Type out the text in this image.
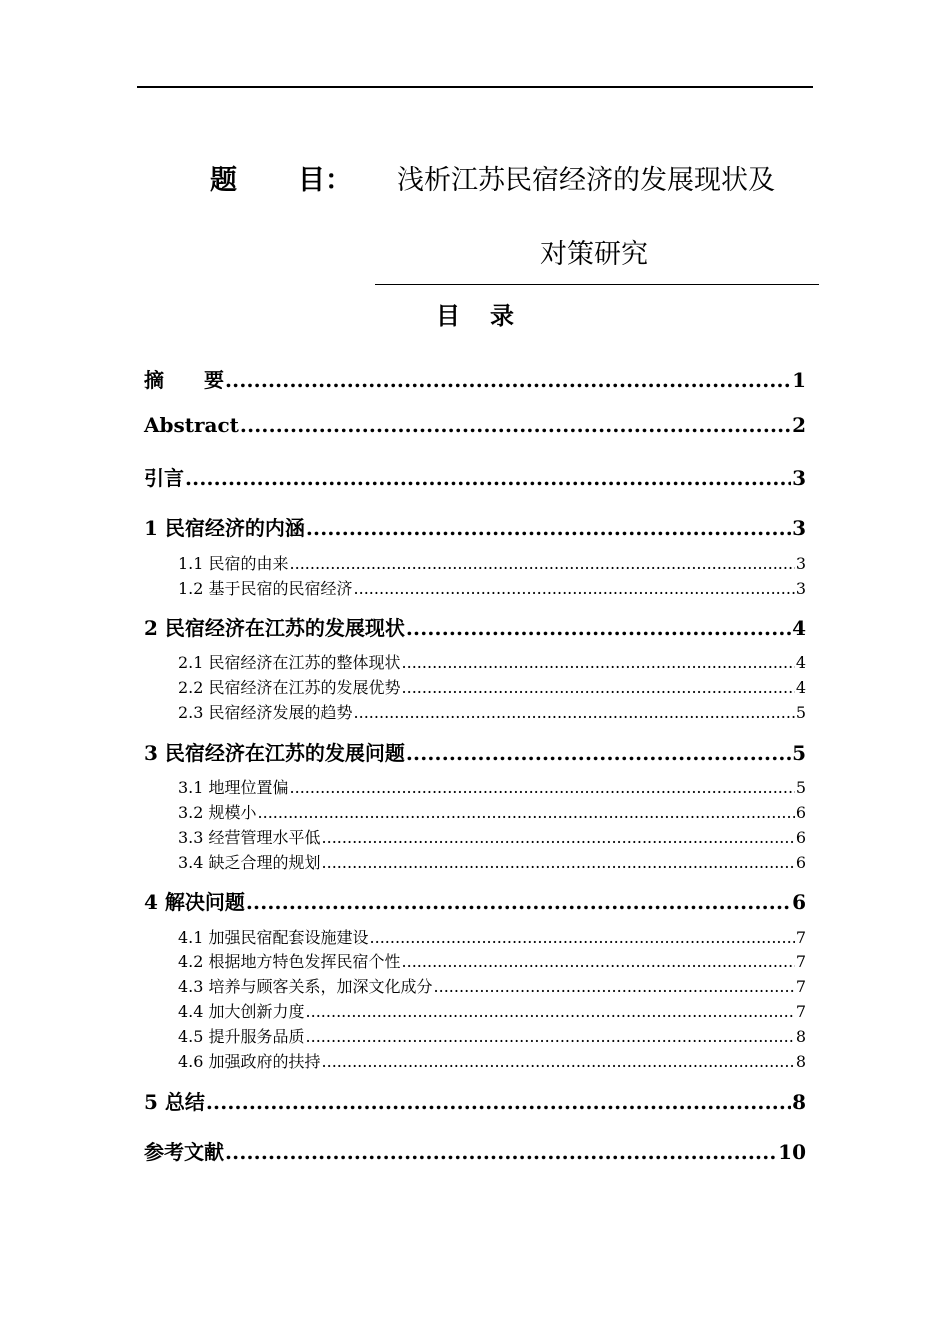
题 目： 浅析江苏民宿经济的发展现状及
对策研究
目录
摘　　要 .....	1
Abstract .....	2
引言 .....	3
1 民宿经济的内涵 .....	3
1.1 民宿的由来 .....	3
1.2 基于民宿的民宿经济 .....	3
2 民宿经济在江苏的发展现状 .....	4
2.1 民宿经济在江苏的整体现状 .....	4
2.2 民宿经济在江苏的发展优势 .....	4
2.3 民宿经济发展的趋势 .....	5
3 民宿经济在江苏的发展问题 .....	5
3.1 地理位置偏 .....	5
3.2 规模小 .....	6
3.3 经营管理水平低 .....	6
3.4 缺乏合理的规划 .....	6
4 解决问题 .....	6
4.1 加强民宿配套设施建设 .....	7
4.2 根据地方特色发挥民宿个性 .....	7
4.3 培养与顾客关系，加深文化成分 .....	7
4.4 加大创新力度 .....	7
4.5 提升服务品质 .....	8
4.6 加强政府的扶持 .....	8
5 总结 .....	8
参考文献 .....	10
